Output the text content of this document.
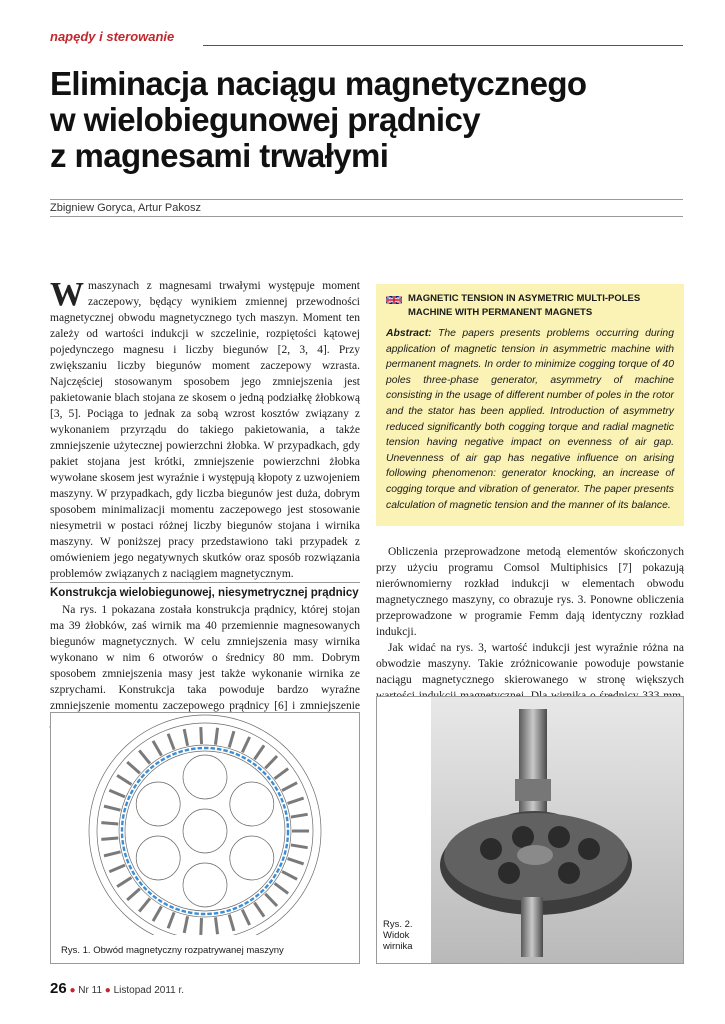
napędy i sterowanie
Eliminacja naciągu magnetycznego
w wielobiegunowej prądnicy
z magnesami trwałymi
Zbigniew Goryca, Artur Pakosz

Wmaszynach z magnesami trwałymi występuje moment zaczepowy, będący wynikiem zmiennej przewodności magnetycznej obwodu magnetycznego tych maszyn. Moment ten zależy od wartości indukcji w szczelinie, rozpiętości kątowej pojedynczego magnesu i liczby biegunów [2, 3, 4]. Przy zwiększaniu liczby biegunów moment zaczepowy wzrasta. Najczęściej stosowanym sposobem jego zmniejszenia jest pakietowanie blach stojana ze skosem o jedną podziałkę żłobkową [3, 5]. Pociąga to jednak za sobą wzrost kosztów związany z wykonaniem przyrządu do takiego pakietowania, a także zmniejszenie użytecznej powierzchni żłobka. W przypadkach, gdy pakiet stojana jest krótki, zmniejszenie powierzchni żłobka wywołane skosem jest wyraźnie i występują kłopoty z uzwojeniem maszyny. W przypadkach, gdy liczba biegunów jest duża, dobrym sposobem minimalizacji momentu zaczepowego jest stosowanie niesymetrii w postaci różnej liczby biegunów stojana i wirnika maszyny. W poniższej pracy przedstawiono taki przypadek z omówieniem jego negatywnych skutków oraz sposób rozwiązania problemów związanych z naciągiem magnetycznym.

Konstrukcja wielobiegunowej, niesymetrycznej prądnicy

Na rys. 1 pokazana została konstrukcja prądnicy, której stojan ma 39 żłobków, zaś wirnik ma 40 przemiennie magnesowanych biegunów magnetycznych. W celu zmniejszenia masy wirnika wykonano w nim 6 otworów o średnicy 80 mm. Dobrym sposobem zmniejszenia masy jest także wykonanie wirnika ze szprychami. Konstrukcja taka powoduje bardzo wyraźne zmniejszenie momentu zaczepowego prądnicy [6] i zmniejszenie

MAGNETIC TENSION IN ASYMETRIC MULTI-POLES MACHINE WITH PERMANENT MAGNETS
Abstract: The papers presents problems occurring during application of magnetic tension in asymmetric machine with permanent magnets. In order to minimize cogging torque of 40 poles three-phase generator, asymmetry of machine consisting in the usage of different number of poles in the rotor and the stator has been applied. Introduction of asymmetry reduced significantly both cogging torque and radial magnetic tension having negative impact on evenness of air gap. Unevenness of air gap has negative influence on arising following phenomenon: generator knocking, an increase of cogging torque and vibration of generator. The paper presents calculation of magnetic tension and the manner of its balance.

Obliczenia przeprowadzone metodą elementów skończonych przy użyciu programu Comsol Multiphisics [7] pokazują nierównomierny rozkład indukcji w elementach obwodu magnetycznego maszyny, co obrazuje rys. 3. Ponowne obliczenia przeprowadzone w programie Femm dają identyczny rozkład indukcji.

Jak widać na rys. 3, wartość indukcji jest wyraźnie różna na obwodzie maszyny. Takie zróżnicowanie powoduje powstanie naciągu magnetycznego skierowanego w stronę większych

Rys. 1. Obwód magnetyczny rozpatrywanej maszyny
Rys. 2. Widok wirnika
26 ● Nr 11 ● Listopad 2011 r.
